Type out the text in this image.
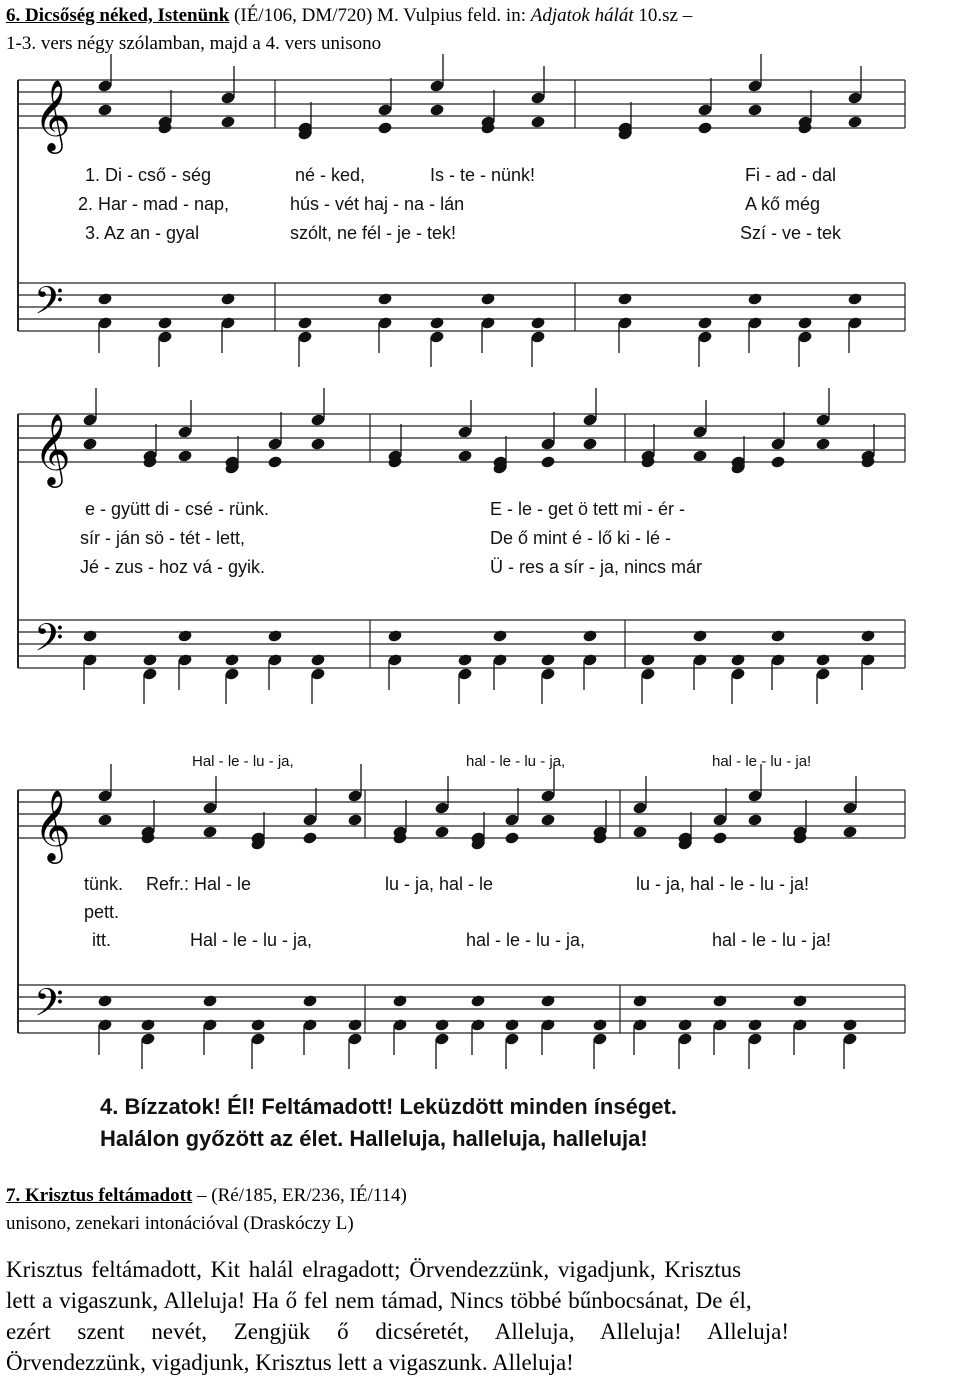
6. Dicsőség néked, Istenünk (IÉ/106, DM/720) M. Vulpius feld. in: Adjatok hálát 10.sz –
1-3. vers négy szólamban, majd a 4. vers unisono
𝄞
𝄢
𝄞
𝄢
𝄞
𝄢
1. Di - cső - ség	né - ked,	Is - te - nünk!	Fi - ad - dal
2. Har - mad - nap,	hús - vét haj - na - lán	A kő még
3. Az an - gyal	szólt, ne fél - je - tek!	Szí - ve - tek
e - gyütt di - csé - rünk.	E - le - get ö tett mi - ér -
sír - ján sö - tét - lett,	De ő mint é - lő ki - lé -
Jé - zus - hoz vá - gyik.	Ü - res a sír - ja, nincs már
Hal - le - lu - ja,	hal - le - lu - ja,	hal - le - lu - ja!
tünk. Refr.: Hal - le	lu - ja, hal - le	lu - ja, hal - le - lu - ja!
pett.
itt.	Hal - le - lu - ja,	hal - le - lu - ja,	hal - le - lu - ja!
4. Bízzatok! Él! Feltámadott! Leküzdött minden ínséget.
Halálon győzött az élet. Halleluja, halleluja, halleluja!
7. Krisztus feltámadott – (Ré/185, ER/236, IÉ/114)
unisono, zenekari intonációval (Draskóczy L)
Krisztus feltámadott, Kit halál elragadott; Örvendezzünk, vigadjunk, Krisztus
lett a vigaszunk, Alleluja! Ha ő fel nem támad, Nincs többé bűnbocsánat, De él,
ezért szent nevét, Zengjük ő dicséretét, Alleluja, Alleluja! Alleluja!
Örvendezzünk, vigadjunk, Krisztus lett a vigaszunk. Alleluja!
